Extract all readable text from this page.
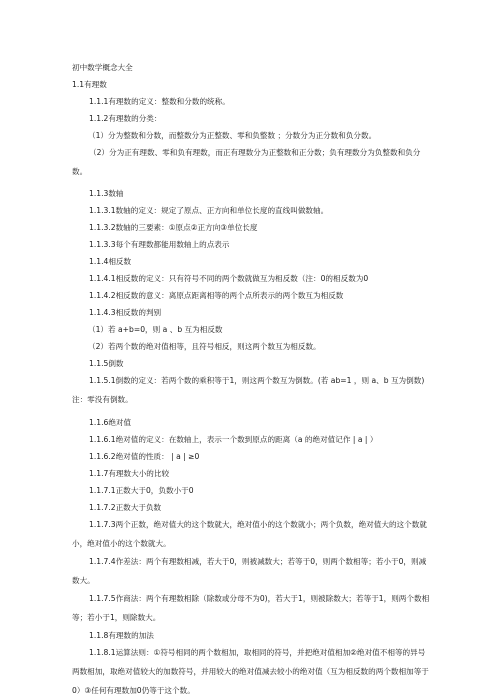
初中数学概念大全
1.1有理数
1.1.1有理数的定义：整数和分数的统称。
1.1.2有理数的分类：
（1）分为整数和分数，而整数分为正整数、零和负整数 ；分数分为正分数和负分数。
（2）分为正有理数、零和负有理数，而正有理数分为正整数和正分数；负有理数分为负整数和负分数。
1.1.3数轴
1.1.3.1数轴的定义：规定了原点、正方向和单位长度的直线叫做数轴。
1.1.3.2数轴的三要素：①原点②正方向③单位长度
1.1.3.3每个有理数都能用数轴上的点表示
1.1.4相反数
1.1.4.1相反数的定义：只有符号不同的两个数就做互为相反数（注：0的相反数为0
1.1.4.2相反数的意义：离原点距离相等的两个点所表示的两个数互为相反数
1.1.4.3相反数的判别
（1）若 a+b=0，则 a 、b 互为相反数
（2）若两个数的绝对值相等，且符号相反，则这两个数互为相反数。
1.1.5倒数
1.1.5.1倒数的定义：若两个数的乘积等于1，则这两个数互为倒数。(若 ab=1 ，则 a、b 互为倒数)注：零没有倒数。
1.1.6绝对值
1.1.6.1绝对值的定义：在数轴上，表示一个数到原点的距离（a 的绝对值记作 | a | ）
1.1.6.2绝对值的性质： | a | ≥0
1.1.7有理数大小的比较
1.1.7.1正数大于0，负数小于0
1.1.7.2正数大于负数
1.1.7.3两个正数，绝对值大的这个数就大，绝对值小的这个数就小；两个负数，绝对值大的这个数就小，绝对值小的这个数就大。
1.1.7.4作差法：两个有理数相减，若大于0，则被减数大；若等于0，则两个数相等；若小于0，则减数大。
1.1.7.5作商法：两个有理数相除（除数或分母不为0)，若大于1，则被除数大；若等于1，则两个数相等；若小于1，则除数大。
1.1.8有理数的加法
1.1.8.1运算法则：①符号相同的两个数相加，取相同的符号，并把绝对值相加②绝对值不相等的异号两数相加，取绝对值较大的加数符号，并用较大的绝对值减去较小的绝对值（互为相反数的两个数相加等于0）③任何有理数加0仍等于这个数。
